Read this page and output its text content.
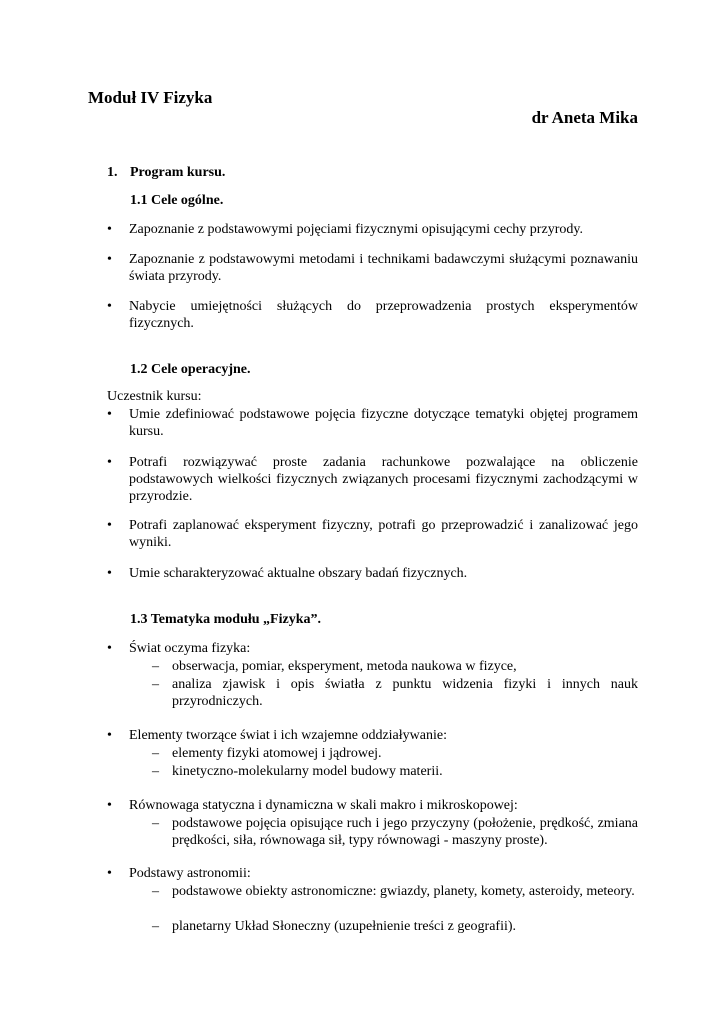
Moduł IV Fizyka
dr Aneta Mika
1. Program kursu.
1.1 Cele ogólne.
• Zapoznanie z podstawowymi pojęciami fizycznymi opisującymi cechy przyrody.
• Zapoznanie z podstawowymi metodami i technikami badawczymi służącymi poznawaniu świata przyrody.
• Nabycie umiejętności służących do przeprowadzenia prostych eksperymentów fizycznych.
1.2 Cele operacyjne.
Uczestnik kursu:
• Umie zdefiniować podstawowe pojęcia fizyczne dotyczące tematyki objętej programem kursu.
• Potrafi rozwiązywać proste zadania rachunkowe pozwalające na obliczenie podstawowych wielkości fizycznych związanych procesami fizycznymi zachodzącymi w przyrodzie.
• Potrafi zaplanować eksperyment fizyczny, potrafi go przeprowadzić i zanalizować jego wyniki.
• Umie scharakteryzować aktualne obszary badań fizycznych.
1.3 Tematyka modułu „Fizyka”.
• Świat oczyma fizyka:
– obserwacja, pomiar, eksperyment, metoda naukowa w fizyce,
– analiza zjawisk i opis światła z punktu widzenia fizyki i innych nauk przyrodniczych.
• Elementy tworzące świat i ich wzajemne oddziaływanie:
– elementy fizyki atomowej i jądrowej.
– kinetyczno-molekularny model budowy materii.
• Równowaga statyczna i dynamiczna w skali makro i mikroskopowej:
– podstawowe pojęcia opisujące ruch i jego przyczyny (położenie, prędkość, zmiana prędkości, siła, równowaga sił, typy równowagi - maszyny proste).
• Podstawy astronomii:
– podstawowe obiekty astronomiczne: gwiazdy, planety, komety, asteroidy, meteory.
– planetarny Układ Słoneczny (uzupełnienie treści z geografii).
